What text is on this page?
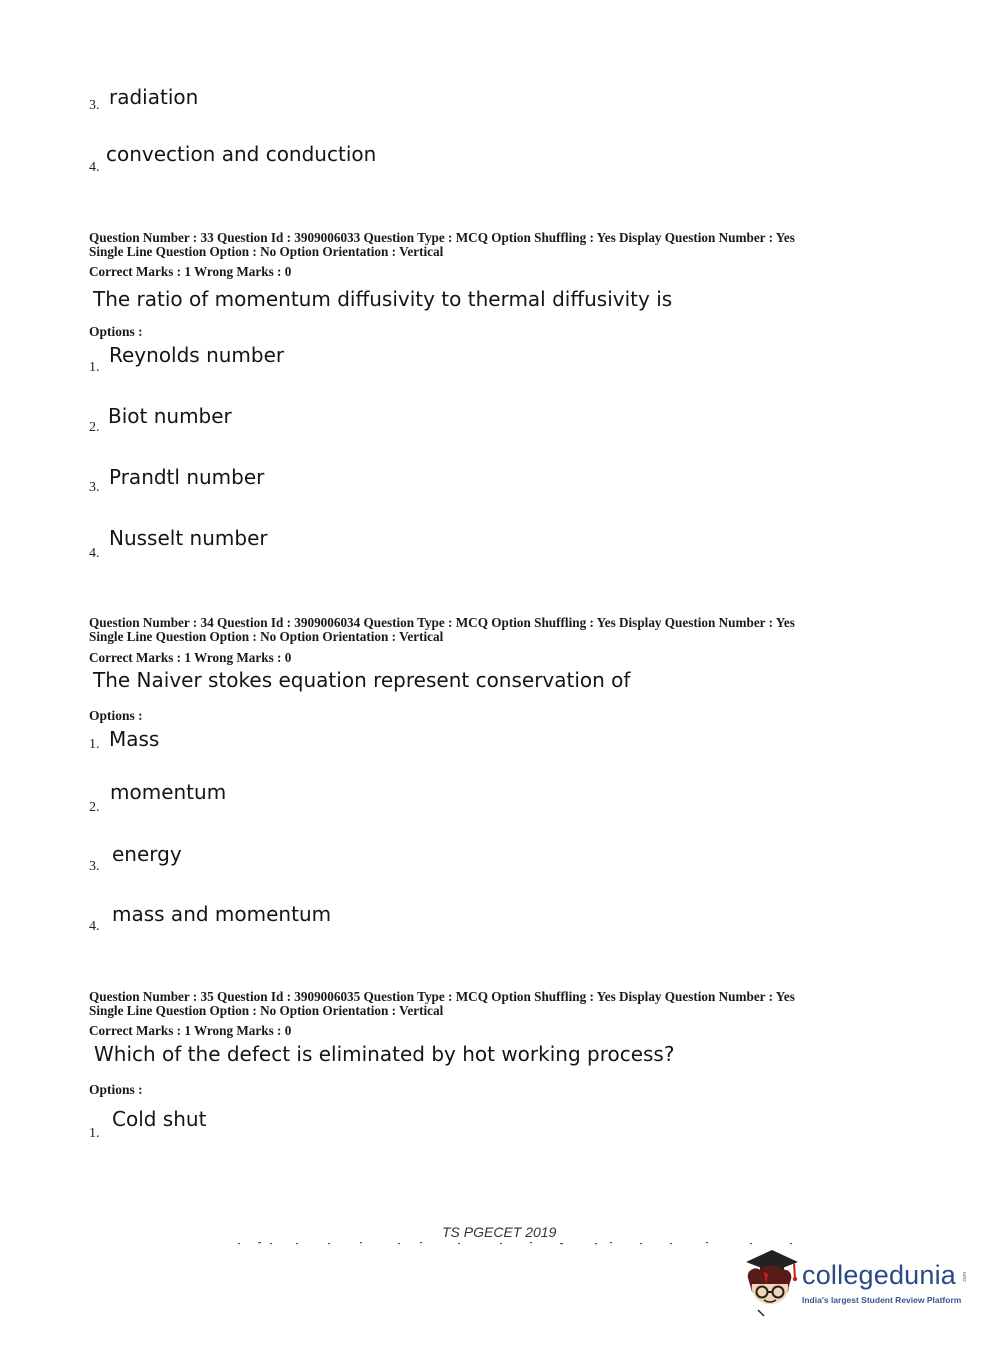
3. radiation
4.
convection and conduction
Question Number : 33 Question Id : 3909006033 Question Type : MCQ Option Shuffling : Yes Display Question Number : Yes
Single Line Question Option : No Option Orientation : Vertical
Correct Marks : 1 Wrong Marks : 0
The ratio of momentum diffusivity to thermal diffusivity is
Options :
1.
Reynolds number
2. Biot number
3. Prandtl number
4.
Nusselt number
Question Number : 34 Question Id : 3909006034 Question Type : MCQ Option Shuffling : Yes Display Question Number : Yes
Single Line Question Option : No Option Orientation : Vertical
Correct Marks : 1 Wrong Marks : 0
The Naiver stokes equation represent conservation of
Options :
1. Mass
2.
momentum
3.
energy
4.
mass and momentum
Question Number : 35 Question Id : 3909006035 Question Type : MCQ Option Shuffling : Yes Display Question Number : Yes
Single Line Question Option : No Option Orientation : Vertical
Correct Marks : 1 Wrong Marks : 0
Which of the defect is eliminated by hot working process?
Options :
1.
Cold shut
TS PGECET 2019
collegedunia .com
India's largest Student Review Platform
